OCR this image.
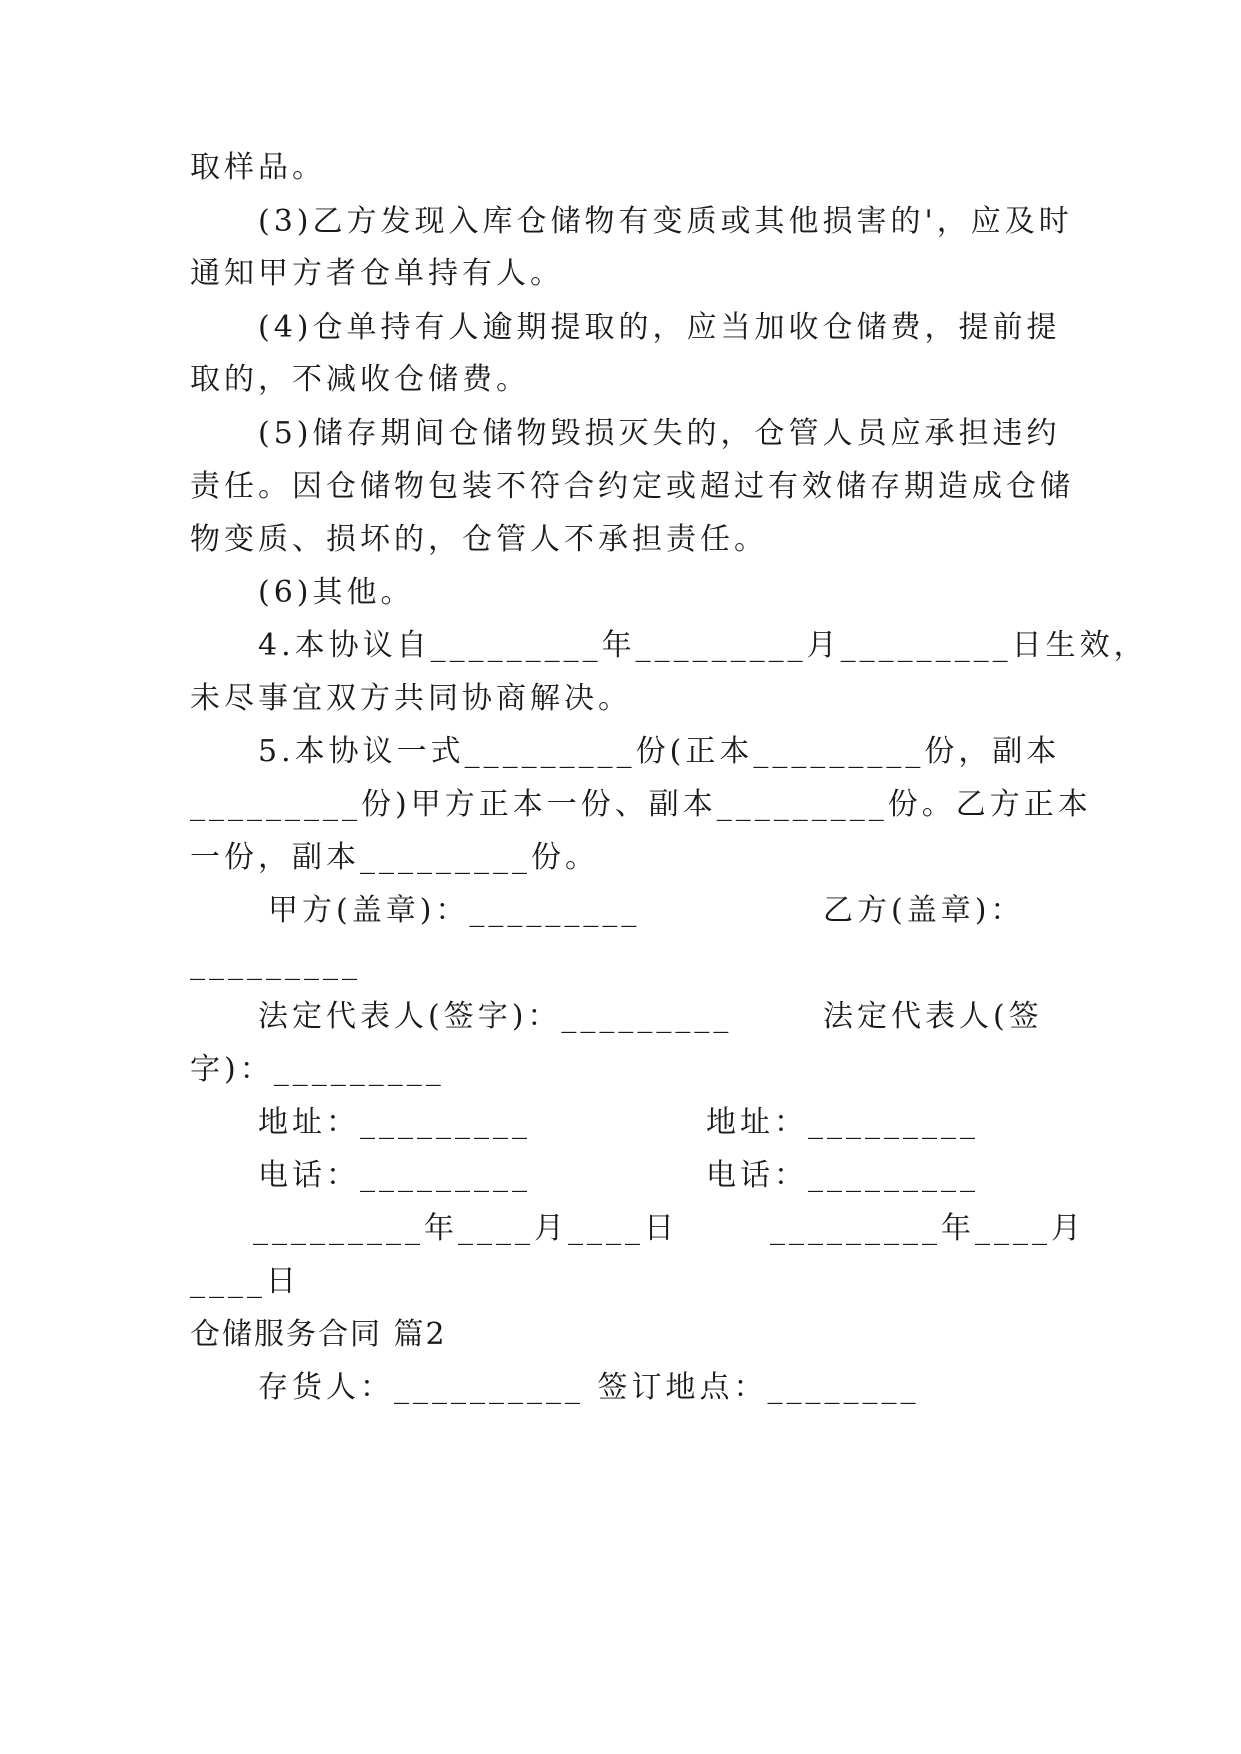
取样品。
(3)乙方发现入库仓储物有变质或其他损害的'，应及时
通知甲方者仓单持有人。
(4)仓单持有人逾期提取的，应当加收仓储费，提前提
取的，不减收仓储费。
(5)储存期间仓储物毁损灭失的，仓管人员应承担违约
责任。因仓储物包装不符合约定或超过有效储存期造成仓储
物变质、损坏的，仓管人不承担责任。
(6)其他。
4.本协议自_________年_________月_________日生效，
未尽事宜双方共同协商解决。
5.本协议一式_________份(正本_________份，副本
_________份)甲方正本一份、副本_________份。乙方正本
一份，副本_________份。
甲方(盖章)：_________	乙方(盖章)：
_________
法定代表人(签字)：_________	法定代表人(签
字)：_________
地址：_________	地址：_________
电话：_________	电话：_________
_________年____月____日	_________年____月
____日
仓储服务合同 篇2
存货人：__________ 签订地点：________
